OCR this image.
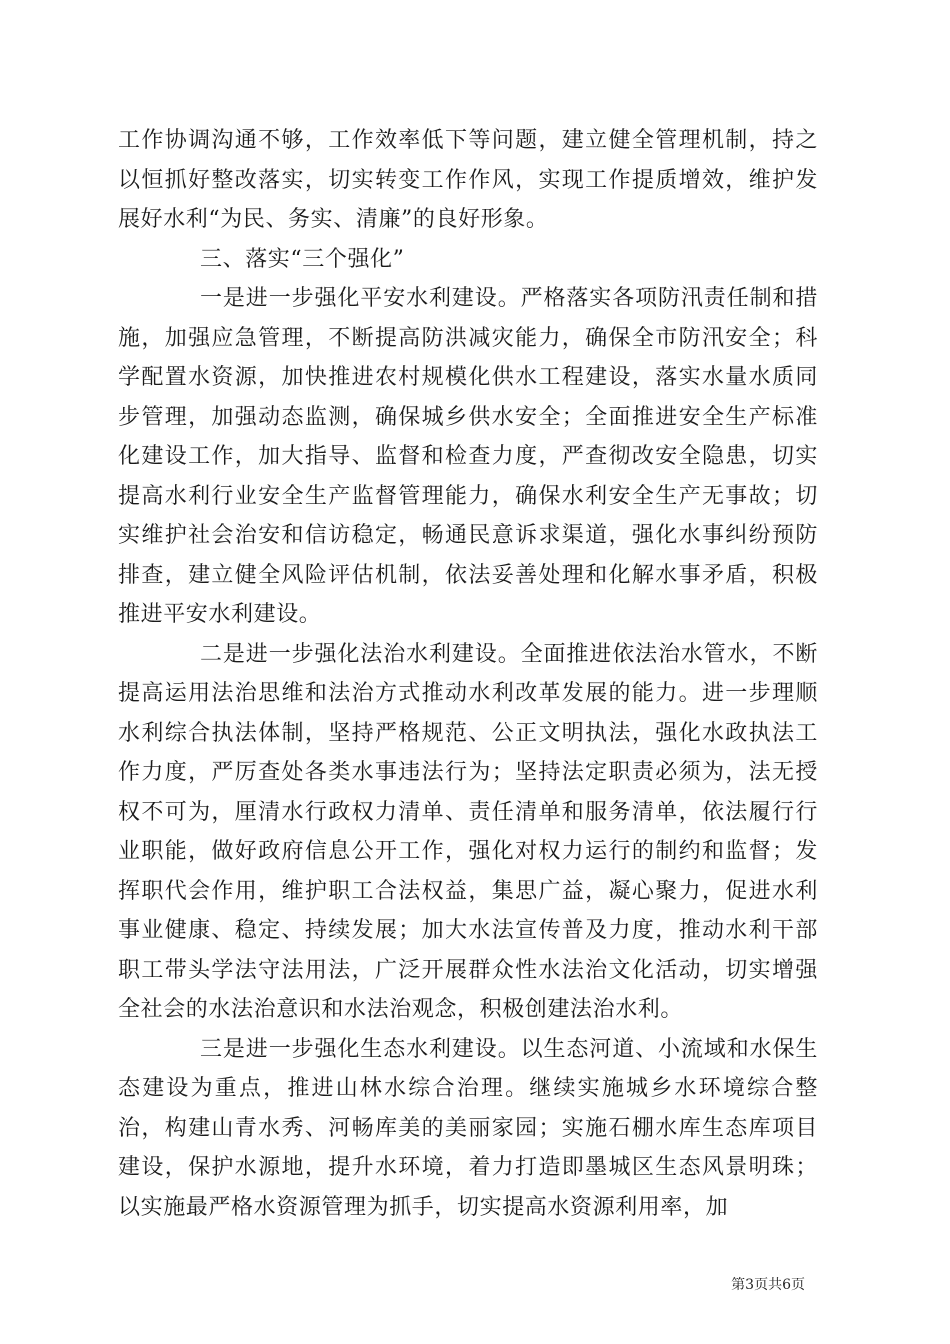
工作协调沟通不够，工作效率低下等问题，建立健全管理机制，持之以恒抓好整改落实，切实转变工作作风，实现工作提质增效，维护发展好水利“为民、务实、清廉”的良好形象。

三、落实“三个强化”

一是进一步强化平安水利建设。严格落实各项防汛责任制和措施，加强应急管理，不断提高防洪减灾能力，确保全市防汛安全；科学配置水资源，加快推进农村规模化供水工程建设，落实水量水质同步管理，加强动态监测，确保城乡供水安全；全面推进安全生产标准化建设工作，加大指导、监督和检查力度，严查彻改安全隐患，切实提高水利行业安全生产监督管理能力，确保水利安全生产无事故；切实维护社会治安和信访稳定，畅通民意诉求渠道，强化水事纠纷预防排查，建立健全风险评估机制，依法妥善处理和化解水事矛盾，积极推进平安水利建设。

二是进一步强化法治水利建设。全面推进依法治水管水，不断提高运用法治思维和法治方式推动水利改革发展的能力。进一步理顺水利综合执法体制，坚持严格规范、公正文明执法，强化水政执法工作力度，严厉查处各类水事违法行为；坚持法定职责必须为，法无授权不可为，厘清水行政权力清单、责任清单和服务清单，依法履行行业职能，做好政府信息公开工作，强化对权力运行的制约和监督；发挥职代会作用，维护职工合法权益，集思广益，凝心聚力，促进水利事业健康、稳定、持续发展；加大水法宣传普及力度，推动水利干部职工带头学法守法用法，广泛开展群众性水法治文化活动，切实增强全社会的水法治意识和水法治观念，积极创建法治水利。

三是进一步强化生态水利建设。以生态河道、小流域和水保生态建设为重点，推进山林水综合治理。继续实施城乡水环境综合整治，构建山青水秀、河畅库美的美丽家园；实施石棚水库生态库项目建设，保护水源地，提升水环境，着力打造即墨城区生态风景明珠；以实施最严格水资源管理为抓手，切实提高水资源利用率，加

第3页共6页
